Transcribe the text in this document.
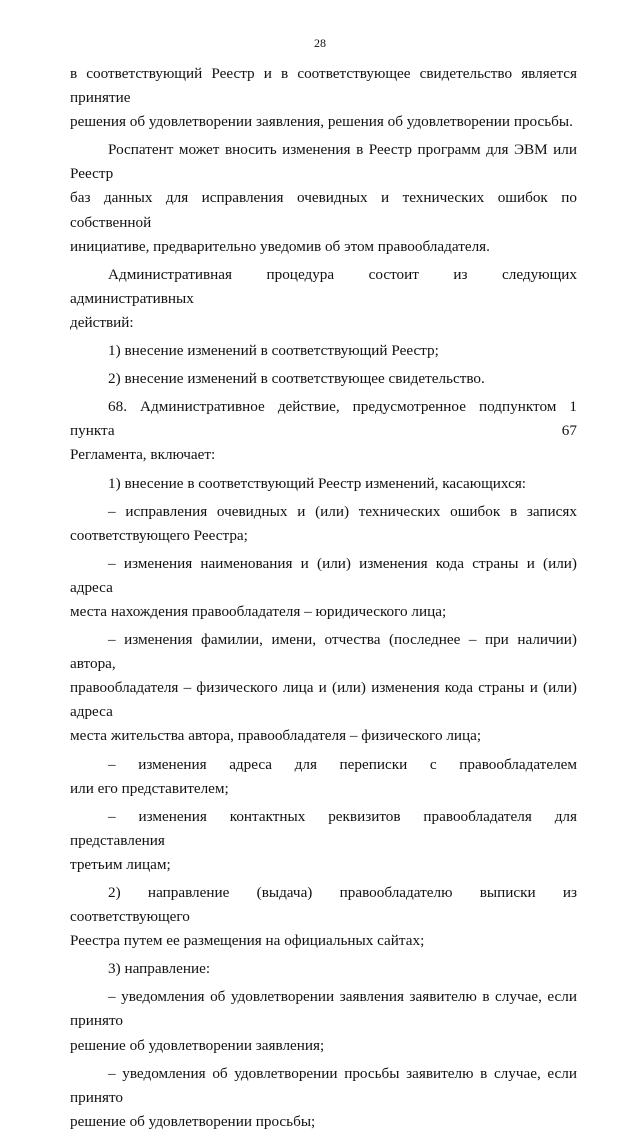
28
в соответствующий Реестр и в соответствующее свидетельство является принятие
решения об удовлетворении заявления, решения об удовлетворении просьбы.
Роспатент может вносить изменения в Реестр программ для ЭВМ или Реестр
баз данных для исправления очевидных и технических ошибок по собственной
инициативе, предварительно уведомив об этом правообладателя.
Административная процедура состоит из следующих административных
действий:
1) внесение изменений в соответствующий Реестр;
2) внесение изменений в соответствующее свидетельство.
68. Административное действие, предусмотренное подпунктом 1 пункта 67
Регламента, включает:
1) внесение в соответствующий Реестр изменений, касающихся:
– исправления очевидных и (или) технических ошибок в записях
соответствующего Реестра;
– изменения наименования и (или) изменения кода страны и (или) адреса
места нахождения правообладателя – юридического лица;
– изменения фамилии, имени, отчества (последнее – при наличии) автора,
правообладателя – физического лица и (или) изменения кода страны и (или) адреса
места жительства автора, правообладателя – физического лица;
– изменения адреса для переписки с правообладателем
или его представителем;
– изменения контактных реквизитов правообладателя для представления
третьим лицам;
2) направление (выдача) правообладателю выписки из соответствующего
Реестра путем ее размещения на официальных сайтах;
3) направление:
– уведомления об удовлетворении заявления заявителю в случае, если принято
решение об удовлетворении заявления;
– уведомления об удовлетворении просьбы заявителю в случае, если принято
решение об удовлетворении просьбы;
